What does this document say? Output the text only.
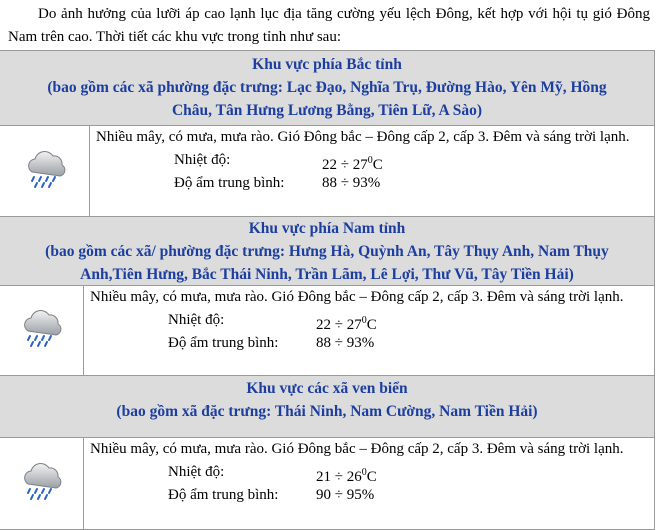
Do ảnh hưởng của lưỡi áp cao lạnh lục địa tăng cường yếu lệch Đông, kết hợp với hội tụ gió Đông Nam trên cao. Thời tiết các khu vực trong tỉnh như sau:

Khu vực phía Bắc tỉnh
(bao gồm các xã phường đặc trưng: Lạc Đạo, Nghĩa Trụ, Đường Hào, Yên Mỹ, Hồng
Châu, Tân Hưng Lương Bằng, Tiên Lữ, A Sào)

Nhiều mây, có mưa, mưa rào. Gió Đông bắc – Đông cấp 2, cấp 3. Đêm và sáng trời lạnh.

Nhiệt độ:	$22 \div 27^0C$
Độ ẩm trung bình:	88 ÷ 93%
Khu vực phía Nam tỉnh
(bao gồm các xã/ phường đặc trưng: Hưng Hà, Quỳnh An, Tây Thụy Anh, Nam Thụy
Anh,Tiên Hưng, Bắc Thái Ninh, Trần Lãm, Lê Lợi, Thư Vũ, Tây Tiền Hải)

Nhiều mây, có mưa, mưa rào. Gió Đông bắc – Đông cấp 2, cấp 3. Đêm và sáng trời lạnh.

Nhiệt độ:	$22 \div 27^0C$
Độ ẩm trung bình:	88 ÷ 93%
Khu vực các xã ven biển
(bao gồm xã đặc trưng: Thái Ninh, Nam Cường, Nam Tiền Hải)

Nhiều mây, có mưa, mưa rào. Gió Đông bắc – Đông cấp 2, cấp 3. Đêm và sáng trời lạnh.

Nhiệt độ:	$21 \div 26^0C$
Độ ẩm trung bình:	90 ÷ 95%
